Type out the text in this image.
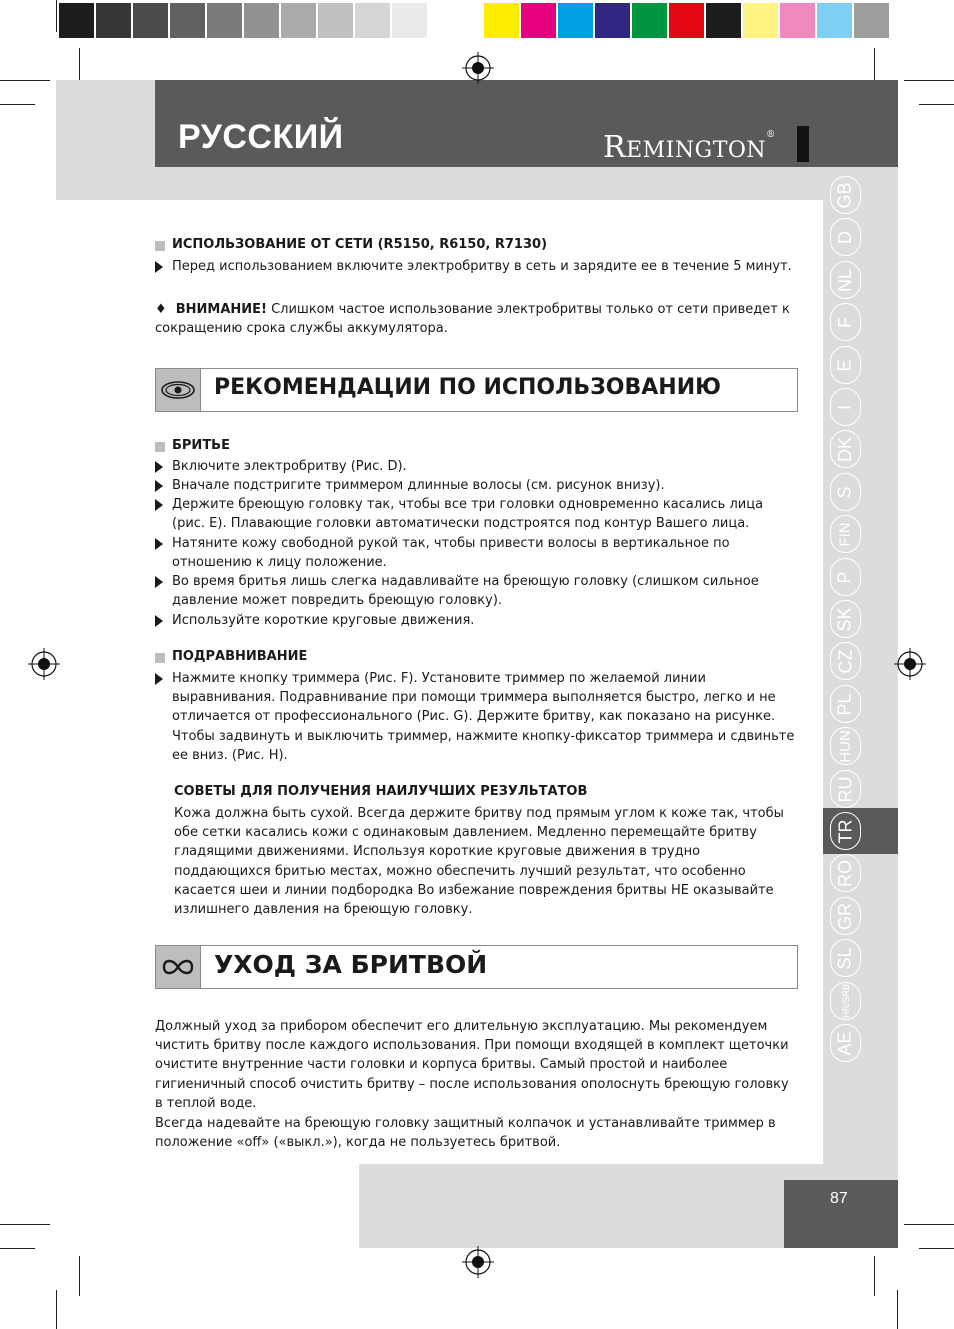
РУССКИЙ	REMINGTON®
GB
D
NL
F
E
I
DK
S
FIN
P
SK
CZ
PL
HUN
RU
TR
RO
GR
SL
HR/SRB
AE
ИСПОЛЬЗОВАНИЕ ОТ СЕТИ (R5150, R6150, R7130)
Перед использованием включите электробритву в сеть и зарядите ее в течение 5 минут.
♦︎  ВНИМАНИЕ! Слишком частое использование электробритвы только от сети приведет к сокращению срока службы аккумулятора.
РЕКОМЕНДАЦИИ ПО ИСПОЛЬЗОВАНИЮ
БРИТЬЕ
Включите электробритву (Рис. D).
Вначале подстригите триммером длинные волосы (см. рисунок внизу).
Держите бреющую головку так, чтобы все три головки одновременно касались лица (рис. E). Плавающие головки автоматически подстроятся под контур Вашего лица.
Натяните кожу свободной рукой так, чтобы привести волосы в вертикальное по отношению к лицу положение.
Во время бритья лишь слегка надавливайте на бреющую головку (слишком сильное давление может повредить бреющую головку).
Используйте короткие круговые движения.
ПОДРАВНИВАНИЕ
Нажмите кнопку триммера (Рис. F). Установите триммер по желаемой линии выравнивания. Подравнивание при помощи триммера выполняется быстро, легко и не отличается от профессионального (Рис. G). Держите бритву, как показано на рисунке. Чтобы задвинуть и выключить триммер, нажмите кнопку-фиксатор триммера и сдвиньте ее вниз. (Рис. H).
СОВЕТЫ ДЛЯ ПОЛУЧЕНИЯ НАИЛУЧШИХ РЕЗУЛЬТАТОВ
Кожа должна быть сухой. Всегда держите бритву под прямым углом к коже так, чтобы обе сетки касались кожи с одинаковым давлением. Медленно перемещайте бритву гладящими движениями. Используя короткие круговые движения в трудно поддающихся бритью местах, можно обеспечить лучший результат, что особенно касается шеи и линии подбородка Во избежание повреждения бритвы НЕ оказывайте излишнего давления на бреющую головку.
УХОД ЗА БРИТВОЙ
Должный уход за прибором обеспечит его длительную эксплуатацию. Мы рекомендуем чистить бритву после каждого использования. При помощи входящей в комплект щеточки очистите внутренние части головки и корпуса бритвы. Самый простой и наиболее гигиеничный способ очистить бритву – после использования ополоснуть бреющую головку в теплой воде.
Всегда надевайте на бреющую головку защитный колпачок и устанавливайте триммер в положение «off» («выкл.»), когда не пользуетесь бритвой.
87
